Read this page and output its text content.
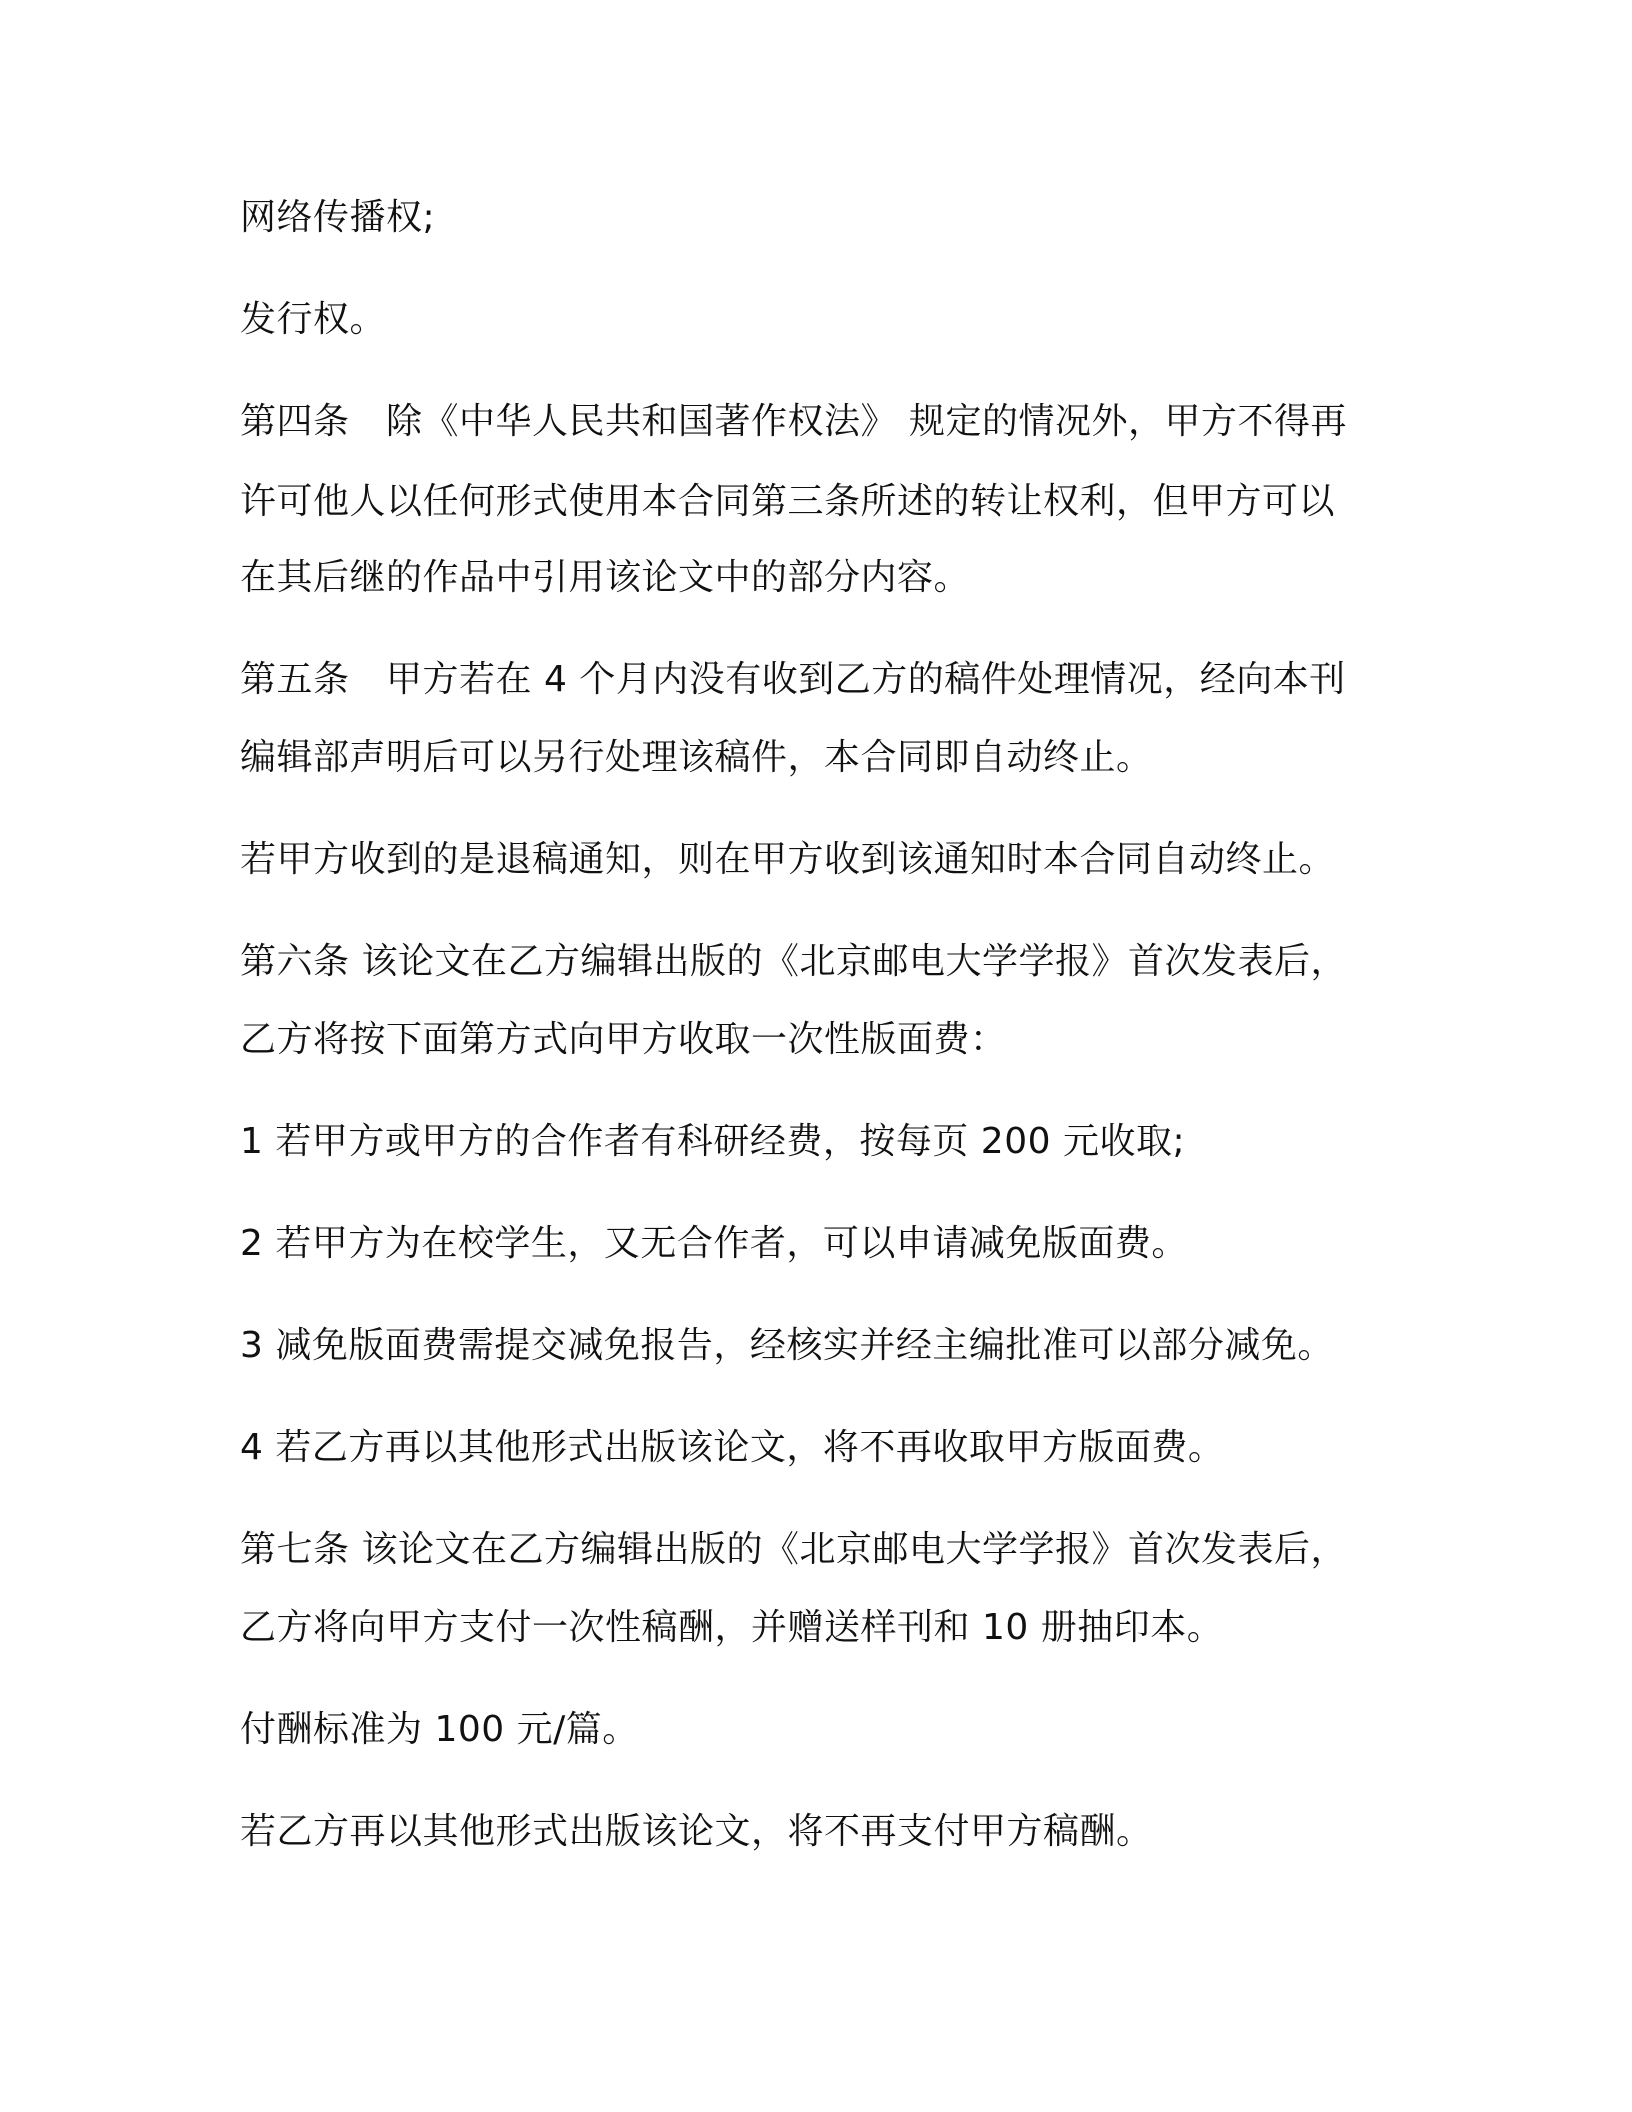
网络传播权;

发行权。

第四条　除《中华人民共和国著作权法》 规定的情况外，甲方不得再

许可他人以任何形式使用本合同第三条所述的转让权利，但甲方可以

在其后继的作品中引用该论文中的部分内容。

第五条　甲方若在 4 个月内没有收到乙方的稿件处理情况，经向本刊

编辑部声明后可以另行处理该稿件，本合同即自动终止。

若甲方收到的是退稿通知，则在甲方收到该通知时本合同自动终止。

第六条 该论文在乙方编辑出版的《北京邮电大学学报》首次发表后，

乙方将按下面第方式向甲方收取一次性版面费：

1 若甲方或甲方的合作者有科研经费，按每页 200 元收取;

2 若甲方为在校学生，又无合作者，可以申请减免版面费。

3 减免版面费需提交减免报告，经核实并经主编批准可以部分减免。

4 若乙方再以其他形式出版该论文，将不再收取甲方版面费。

第七条 该论文在乙方编辑出版的《北京邮电大学学报》首次发表后，

乙方将向甲方支付一次性稿酬，并赠送样刊和 10 册抽印本。

付酬标准为 100 元/篇。

若乙方再以其他形式出版该论文，将不再支付甲方稿酬。
